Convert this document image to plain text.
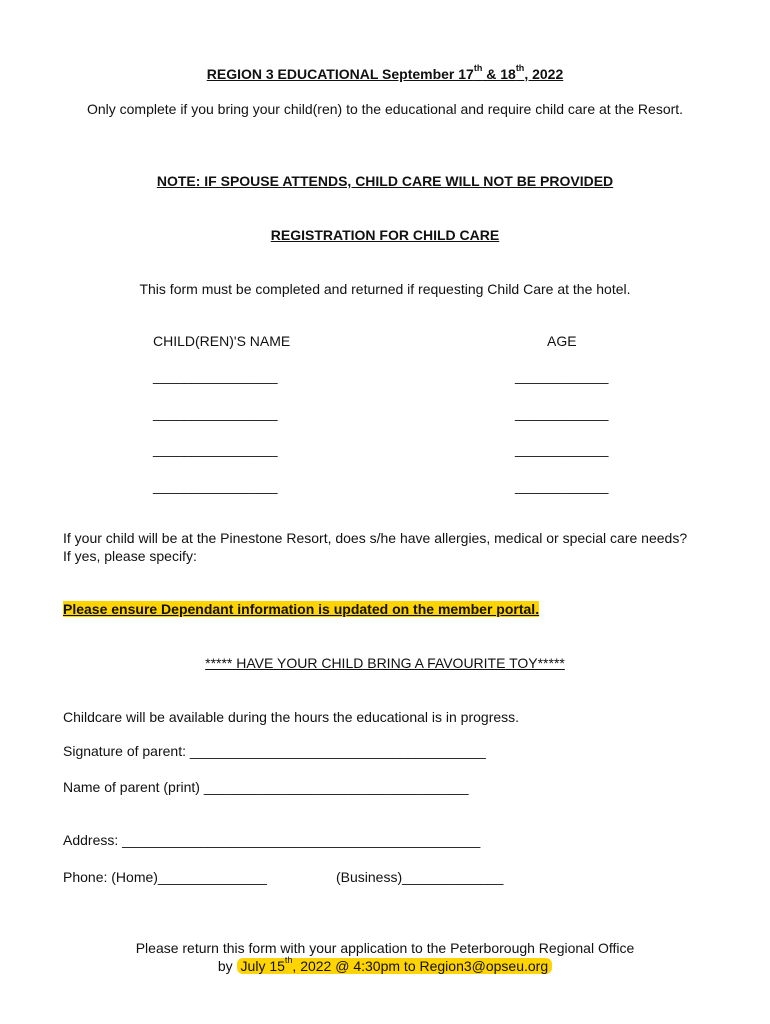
REGION 3 EDUCATIONAL September 17th & 18th, 2022
Only complete if you bring your child(ren) to the educational and require child care at the Resort.
NOTE: IF SPOUSE ATTENDS, CHILD CARE WILL NOT BE PROVIDED
REGISTRATION FOR CHILD CARE
This form must be completed and returned if requesting Child Care at the hotel.
CHILD(REN)'S NAME	AGE
________________	____________
________________	____________
________________	____________
________________	____________
If your child will be at the Pinestone Resort, does s/he have allergies, medical or special care needs?
If yes, please specify:
Please ensure Dependant information is updated on the member portal.
***** HAVE YOUR CHILD BRING A FAVOURITE TOY*****
Childcare will be available during the hours the educational is in progress.
Signature of parent: ______________________________________
Name of parent (print) __________________________________
Address: ______________________________________________
Phone: (Home)______________	(Business)_____________
Please return this form with your application to the Peterborough Regional Office
by July 15th, 2022 @ 4:30pm to Region3@opseu.org
